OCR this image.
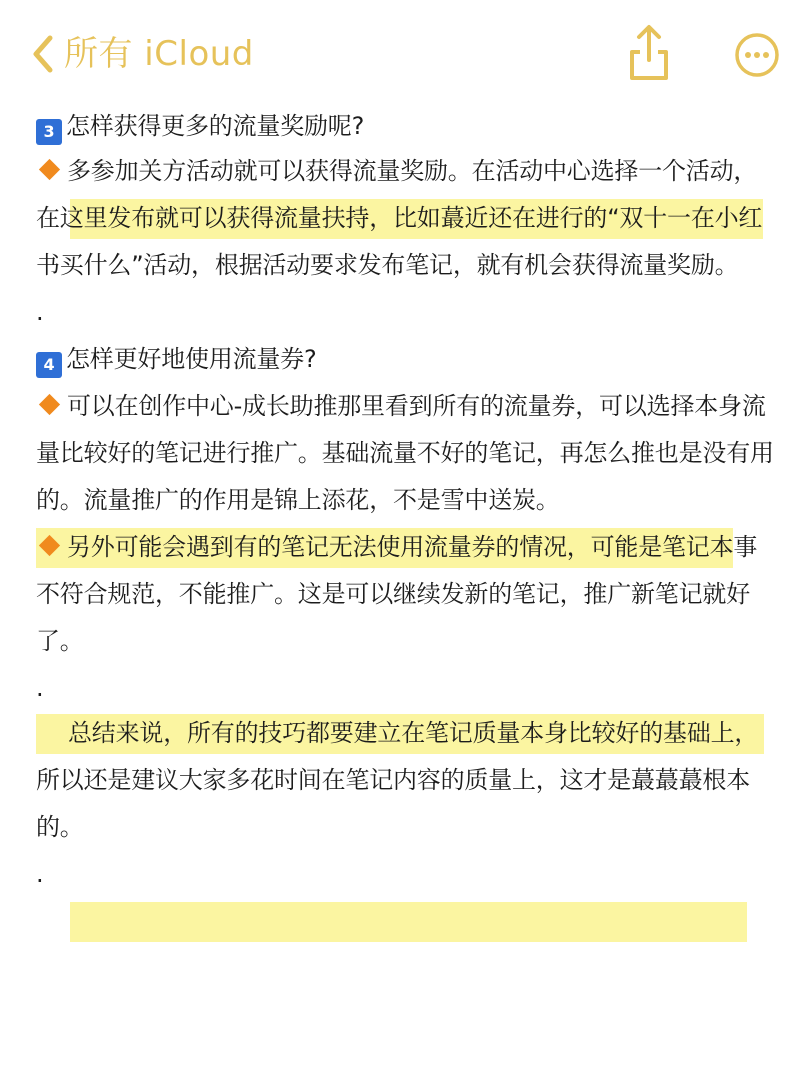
所有 iCloud
3 怎样获得更多的流量奖励呢?
多参加关方活动就可以获得流量奖励。在活动中心选择一个活动，
在这里发布就可以获得流量扶持，比如蕞近还在进行的“双十一在小红
书买什么”活动，根据活动要求发布笔记，就有机会获得流量奖励。
.
4 怎样更好地使用流量券?
可以在创作中心-成长助推那里看到所有的流量券，可以选择本身流
量比较好的笔记进行推广。基础流量不好的笔记，再怎么推也是没有用
的。流量推广的作用是锦上添花，不是雪中送炭。
另外可能会遇到有的笔记无法使用流量券的情况，可能是笔记本事
不符合规范，不能推广。这是可以继续发新的笔记，推广新笔记就好
了。
.
总结来说，所有的技巧都要建立在笔记质量本身比较好的基础上，
所以还是建议大家多花时间在笔记内容的质量上，这才是蕞蕞蕞根本
的。
.
